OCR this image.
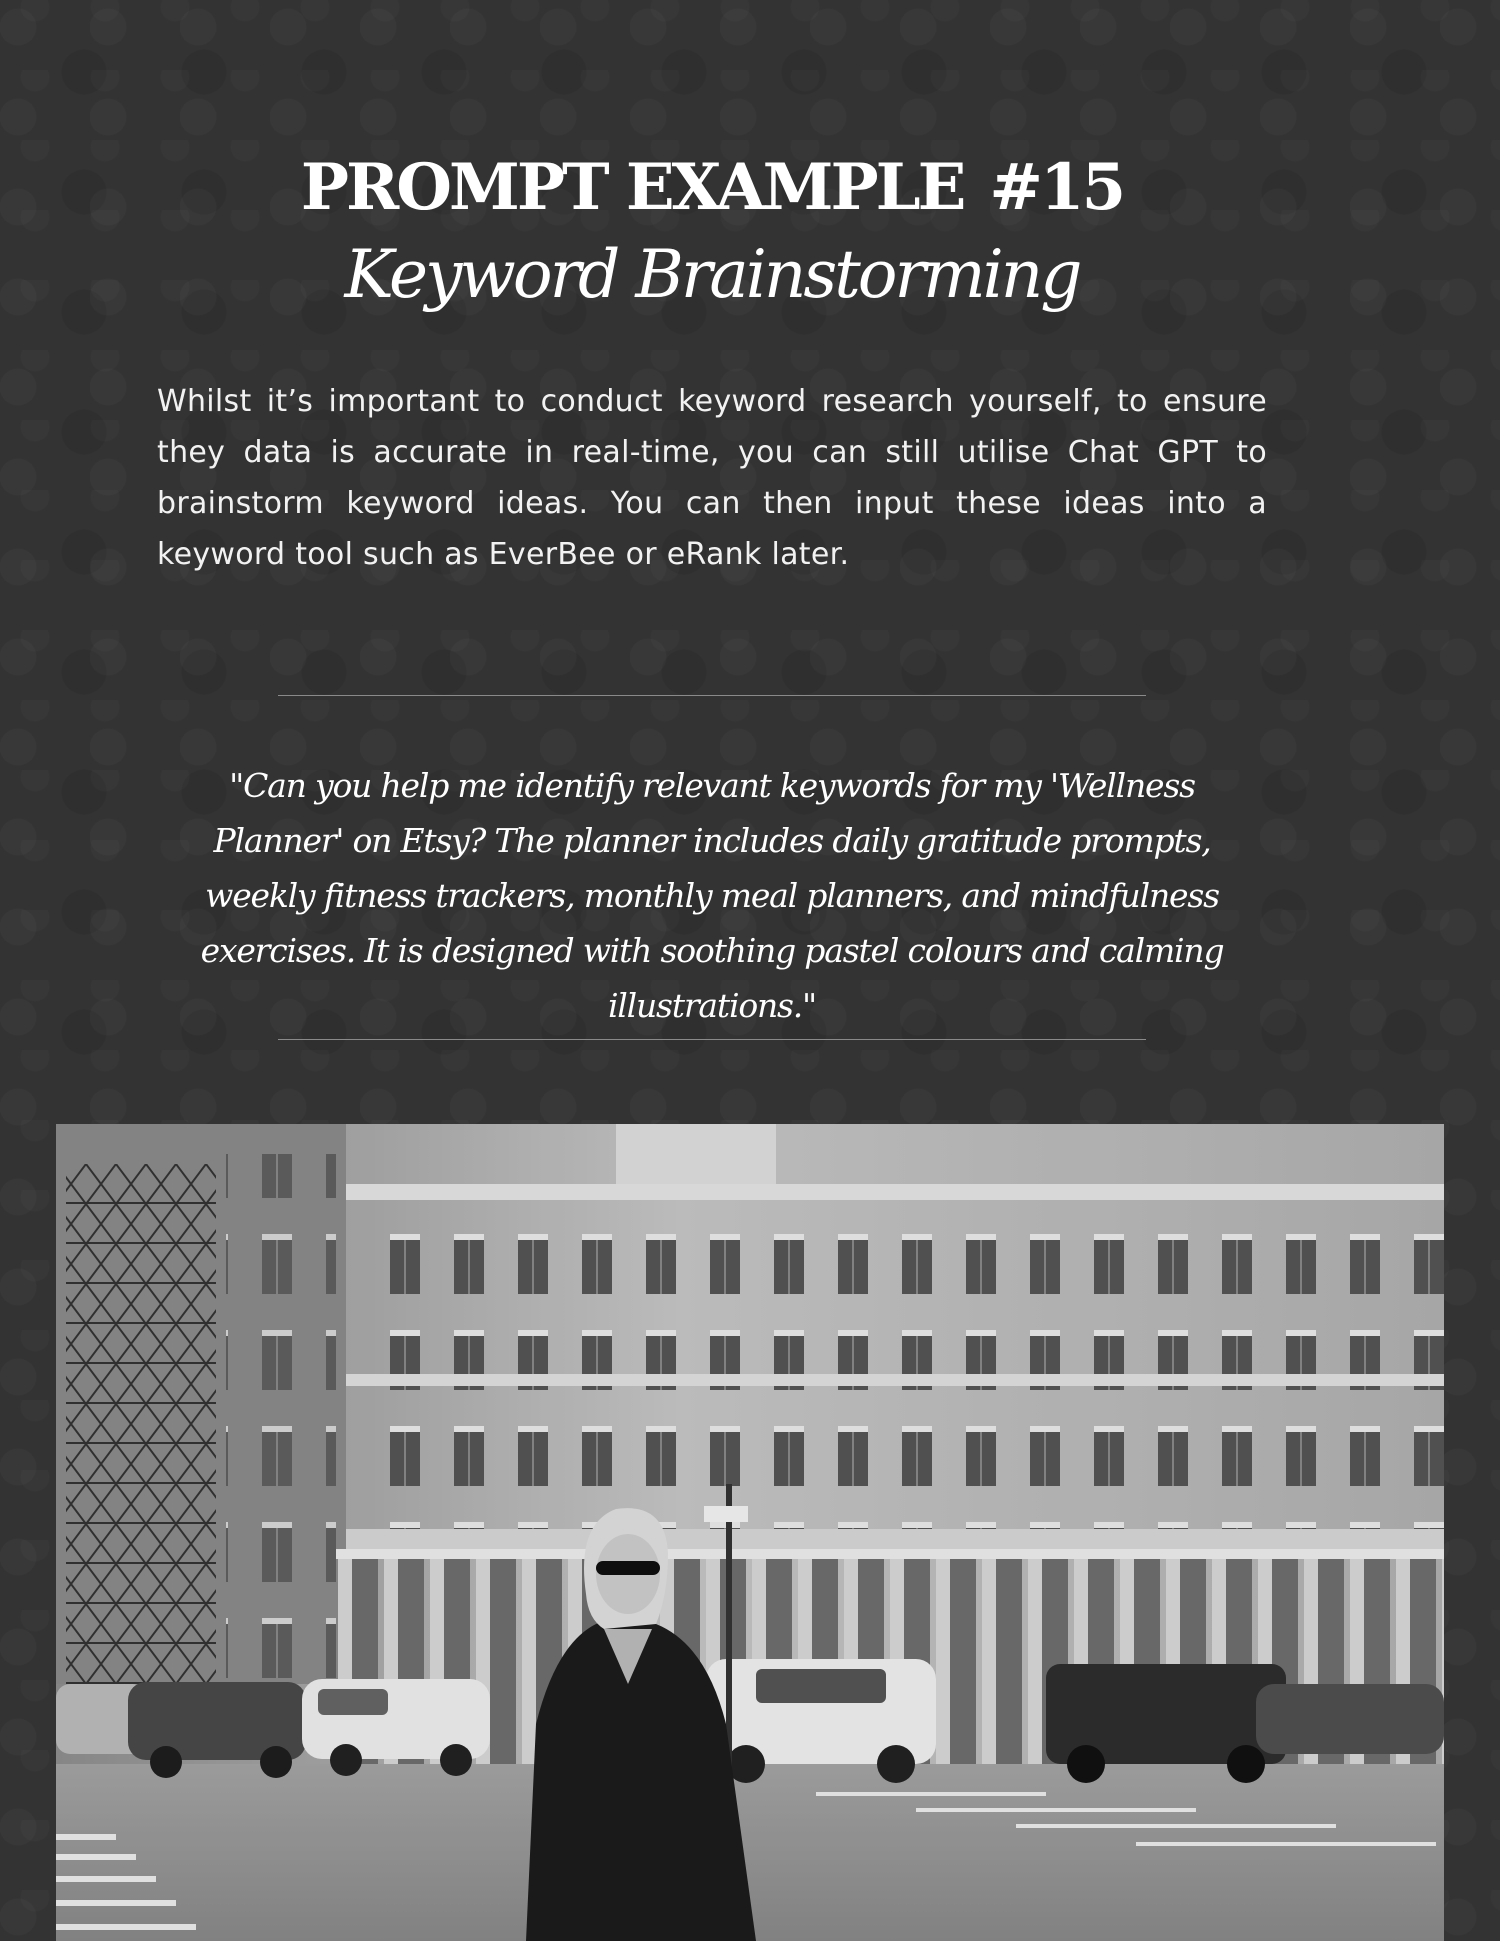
PROMPT EXAMPLE #15
Keyword Brainstorming

Whilst it’s important to conduct keyword research yourself, to ensure they data is accurate in real-time, you can still utilise Chat GPT to brainstorm keyword ideas. You can then input these ideas into a keyword tool such as EverBee or eRank later.

"Can you help me identify relevant keywords for my 'Wellness Planner' on Etsy? The planner includes daily gratitude prompts, weekly fitness trackers, monthly meal planners, and mindfulness exercises. It is designed with soothing pastel colours and calming illustrations."
